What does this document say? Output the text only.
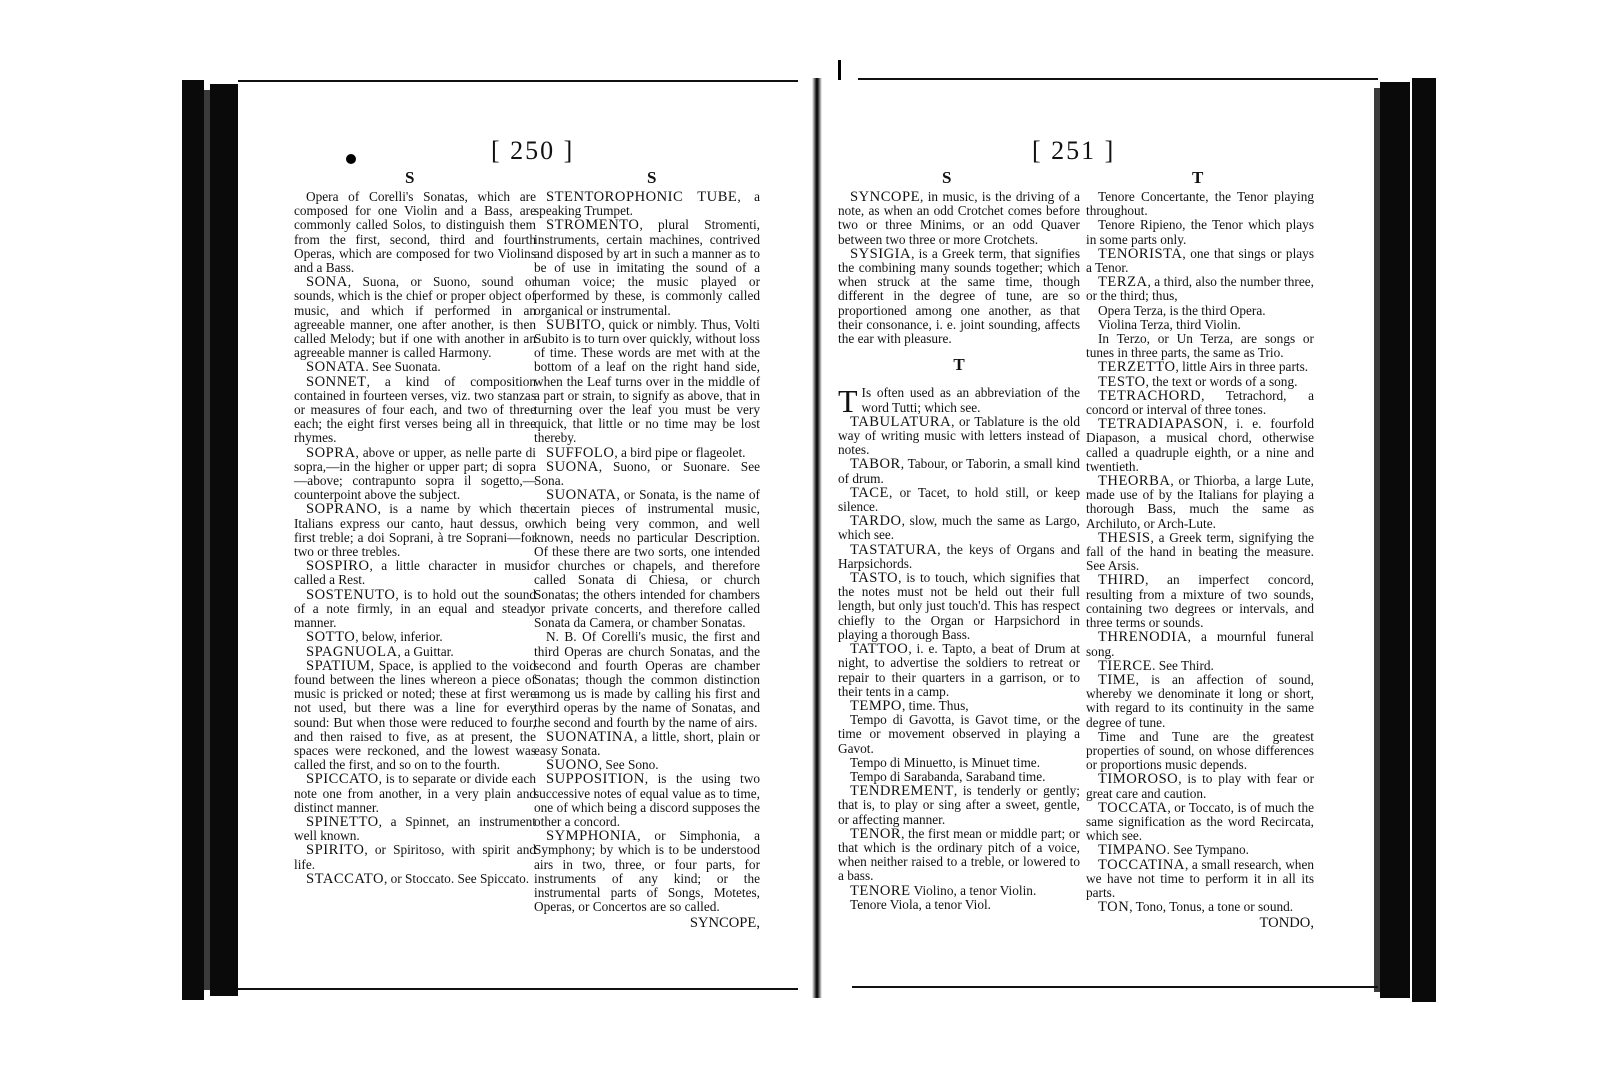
[ 250 ]
S	S

Opera of Corelli's Sonatas, which are composed for one Violin and a Bass, are commonly called Solos, to distinguish them from the first, second, third and fourth Operas, which are composed for two Violins and a Bass.

SONA, Suona, or Suono, sound or sounds, which is the chief or proper object of music, and which if performed in an agreeable manner, one after another, is then called Melody; but if one with another in an agreeable manner is called Harmony.

SONATA. See Suonata.

SONNET, a kind of composition contained in fourteen verses, viz. two stanzas or measures of four each, and two of three each; the eight first verses being all in three rhymes.

SOPRA, above or upper, as nelle parte di sopra,—in the higher or upper part; di sopra—above; contrapunto sopra il sogetto,—counterpoint above the subject.

SOPRANO, is a name by which the Italians express our canto, haut dessus, or first treble; a doi Soprani, à tre Soprani—for two or three trebles.

SOSPIRO, a little character in music called a Rest.

SOSTENUTO, is to hold out the sound of a note firmly, in an equal and steady manner.

SOTTO, below, inferior.

SPAGNUOLA, a Guittar.

SPATIUM, Space, is applied to the void found between the lines whereon a piece of music is pricked or noted; these at first were not used, but there was a line for every sound: But when those were reduced to four, and then raised to five, as at present, the spaces were reckoned, and the lowest was called the first, and so on to the fourth.

SPICCATO, is to separate or divide each note one from another, in a very plain and distinct manner.

SPINETTO, a Spinnet, an instrument well known.

SPIRITO, or Spiritoso, with spirit and life.

STACCATO, or Stoccato. See Spiccato.

STENTOROPHONIC TUBE, a speaking Trumpet.

STROMENTO, plural Stromenti, instruments, certain machines, contrived and disposed by art in such a manner as to be of use in imitating the sound of a human voice; the music played or performed by these, is commonly called organical or instrumental.

SUBITO, quick or nimbly. Thus, Volti Subito is to turn over quickly, without loss of time. These words are met with at the bottom of a leaf on the right hand side, when the Leaf turns over in the middle of a part or strain, to signify as above, that in turning over the leaf you must be very quick, that little or no time may be lost thereby.

SUFFOLO, a bird pipe or flageolet.

SUONA, Suono, or Suonare. See Sona.

SUONATA, or Sonata, is the name of certain pieces of instrumental music, which being very common, and well known, needs no particular Description. Of these there are two sorts, one intended for churches or chapels, and therefore called Sonata di Chiesa, or church Sonatas; the others intended for chambers or private concerts, and therefore called Sonata da Camera, or chamber Sonatas.

N. B. Of Corelli's music, the first and third Operas are church Sonatas, and the second and fourth Operas are chamber Sonatas; though the common distinction among us is made by calling his first and third operas by the name of Sonatas, and the second and fourth by the name of airs.

SUONATINA, a little, short, plain or easy Sonata.

SUONO, See Sono.

SUPPOSITION, is the using two successive notes of equal value as to time, one of which being a discord supposes the other a concord.

SYMPHONIA, or Simphonia, a Symphony; by which is to be understood airs in two, three, or four parts, for instruments of any kind; or the instrumental parts of Songs, Motetes, Operas, or Concertos are so called.

SYNCOPE,
[ 251 ]
S	T

SYNCOPE, in music, is the driving of a note, as when an odd Crotchet comes before two or three Minims, or an odd Quaver between two three or more Crotchets.

SYSIGIA, is a Greek term, that signifies the combining many sounds together; which when struck at the same time, though different in the degree of tune, are so proportioned among one another, as that their consonance, i. e. joint sounding, affects the ear with pleasure.

T

T Is often used as an abbreviation of the word Tutti; which see.

TABULATURA, or Tablature is the old way of writing music with letters instead of notes.

TABOR, Tabour, or Taborin, a small kind of drum.

TACE, or Tacet, to hold still, or keep silence.

TARDO, slow, much the same as Largo, which see.

TASTATURA, the keys of Organs and Harpsichords.

TASTO, is to touch, which signifies that the notes must not be held out their full length, but only just touch'd. This has respect chiefly to the Organ or Harpsichord in playing a thorough Bass.

TATTOO, i. e. Tapto, a beat of Drum at night, to advertise the soldiers to retreat or repair to their quarters in a garrison, or to their tents in a camp.

TEMPO, time. Thus,

Tempo di Gavotta, is Gavot time, or the time or movement observed in playing a Gavot.

Tempo di Minuetto, is Minuet time.

Tempo di Sarabanda, Saraband time.

TENDREMENT, is tenderly or gently; that is, to play or sing after a sweet, gentle, or affecting manner.

TENOR, the first mean or middle part; or that which is the ordinary pitch of a voice, when neither raised to a treble, or lowered to a bass.

TENORE Violino, a tenor Violin.

Tenore Viola, a tenor Viol.

Tenore Concertante, the Tenor playing throughout.

Tenore Ripieno, the Tenor which plays in some parts only.

TENORISTA, one that sings or plays a Tenor.

TERZA, a third, also the number three, or the third; thus,

Opera Terza, is the third Opera.

Violina Terza, third Violin.

In Terzo, or Un Terza, are songs or tunes in three parts, the same as Trio.

TERZETTO, little Airs in three parts.

TESTO, the text or words of a song.

TETRACHORD, Tetrachord, a concord or interval of three tones.

TETRADIAPASON, i. e. fourfold Diapason, a musical chord, otherwise called a quadruple eighth, or a nine and twentieth.

THEORBA, or Thiorba, a large Lute, made use of by the Italians for playing a thorough Bass, much the same as Archiluto, or Arch-Lute.

THESIS, a Greek term, signifying the fall of the hand in beating the measure. See Arsis.

THIRD, an imperfect concord, resulting from a mixture of two sounds, containing two degrees or intervals, and three terms or sounds.

THRENODIA, a mournful funeral song.

TIERCE. See Third.

TIME, is an affection of sound, whereby we denominate it long or short, with regard to its continuity in the same degree of tune.

Time and Tune are the greatest properties of sound, on whose differences or proportions music depends.

TIMOROSO, is to play with fear or great care and caution.

TOCCATA, or Toccato, is of much the same signification as the word Recircata, which see.

TIMPANO. See Tympano.

TOCCATINA, a small research, when we have not time to perform it in all its parts.

TON, Tono, Tonus, a tone or sound.

TONDO,
